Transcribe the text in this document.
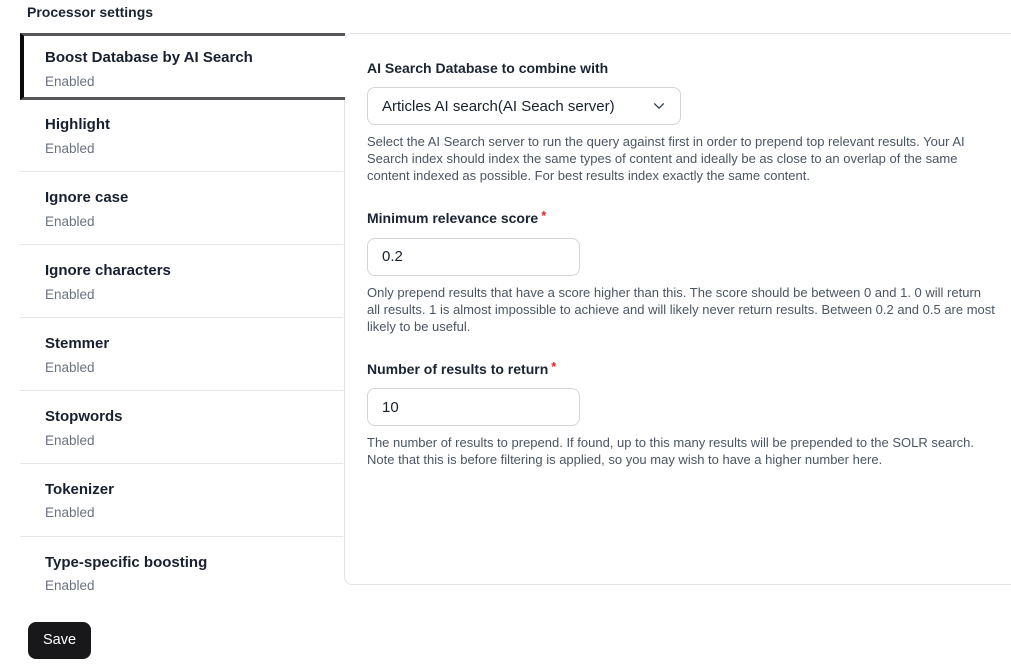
Processor settings
Boost Database by AI Search
Enabled
Highlight
Enabled
Ignore case
Enabled
Ignore characters
Enabled
Stemmer
Enabled
Stopwords
Enabled
Tokenizer
Enabled
Type-specific boosting
Enabled
AI Search Database to combine with
Articles AI search(AI Seach server)
Select the AI Search server to run the query against first in order to prepend top relevant results. Your AI Search index should index the same types of content and ideally be as close to an overlap of the same content indexed as possible. For best results index exactly the same content.
Minimum relevance score *
0.2
Only prepend results that have a score higher than this. The score should be between 0 and 1. 0 will return all results. 1 is almost impossible to achieve and will likely never return results. Between 0.2 and 0.5 are most likely to be useful.
Number of results to return *
10
The number of results to prepend. If found, up to this many results will be prepended to the SOLR search. Note that this is before filtering is applied, so you may wish to have a higher number here.
Save
